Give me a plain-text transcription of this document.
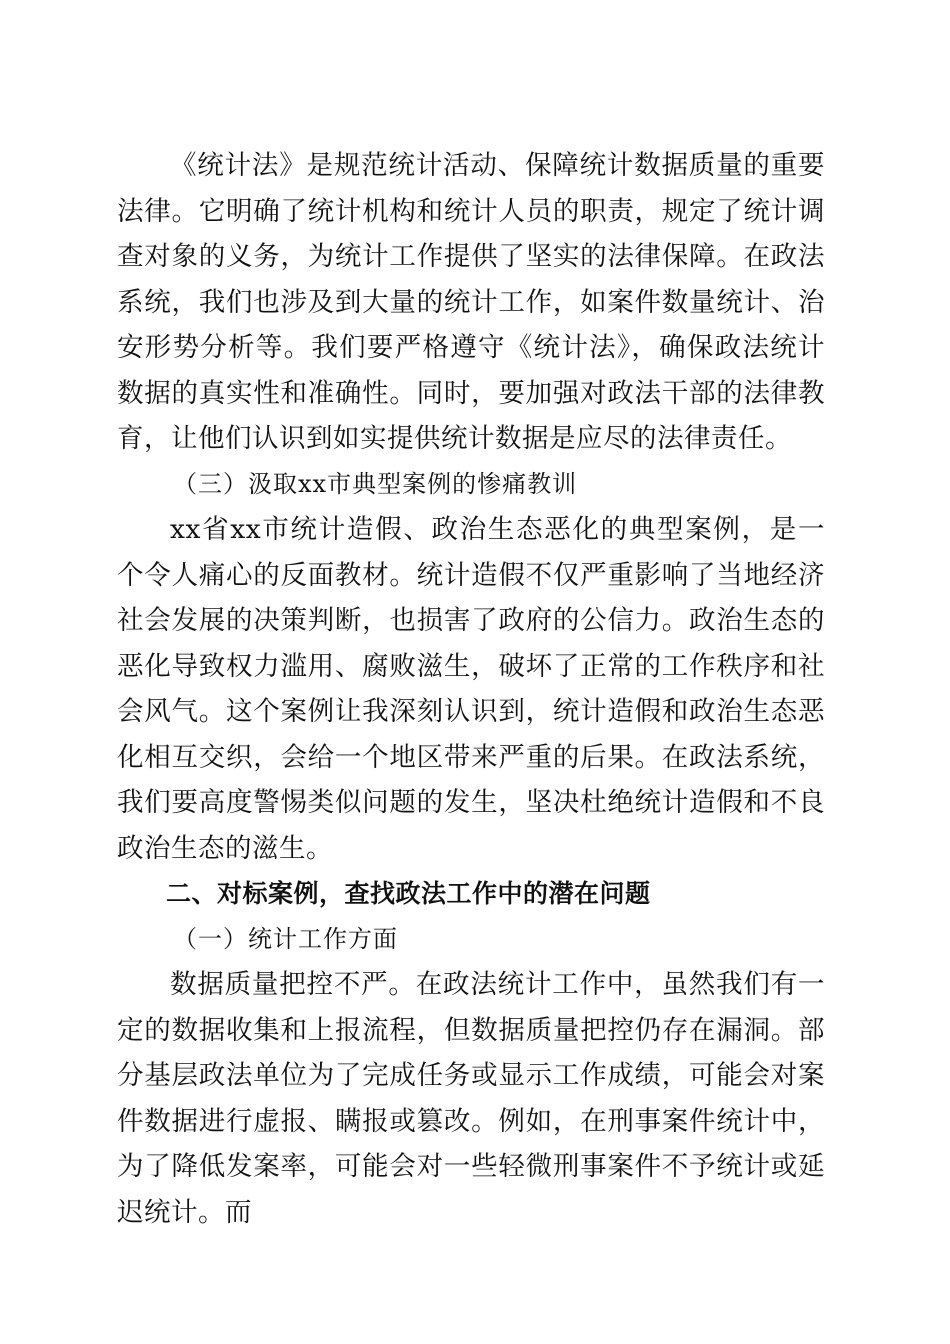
《统计法》是规范统计活动、保障统计数据质量的重要法律。它明确了统计机构和统计人员的职责，规定了统计调查对象的义务，为统计工作提供了坚实的法律保障。在政法系统，我们也涉及到大量的统计工作，如案件数量统计、治安形势分析等。我们要严格遵守《统计法》，确保政法统计数据的真实性和准确性。同时，要加强对政法干部的法律教育，让他们认识到如实提供统计数据是应尽的法律责任。

（三）汲取xx市典型案例的惨痛教训

xx省xx市统计造假、政治生态恶化的典型案例，是一个令人痛心的反面教材。统计造假不仅严重影响了当地经济社会发展的决策判断，也损害了政府的公信力。政治生态的恶化导致权力滥用、腐败滋生，破坏了正常的工作秩序和社会风气。这个案例让我深刻认识到，统计造假和政治生态恶化相互交织，会给一个地区带来严重的后果。在政法系统，我们要高度警惕类似问题的发生，坚决杜绝统计造假和不良政治生态的滋生。

二、对标案例，查找政法工作中的潜在问题

（一）统计工作方面

数据质量把控不严。在政法统计工作中，虽然我们有一定的数据收集和上报流程，但数据质量把控仍存在漏洞。部分基层政法单位为了完成任务或显示工作成绩，可能会对案件数据进行虚报、瞒报或篡改。例如，在刑事案件统计中，为了降低发案率，可能会对一些轻微刑事案件不予统计或延迟统计。而
